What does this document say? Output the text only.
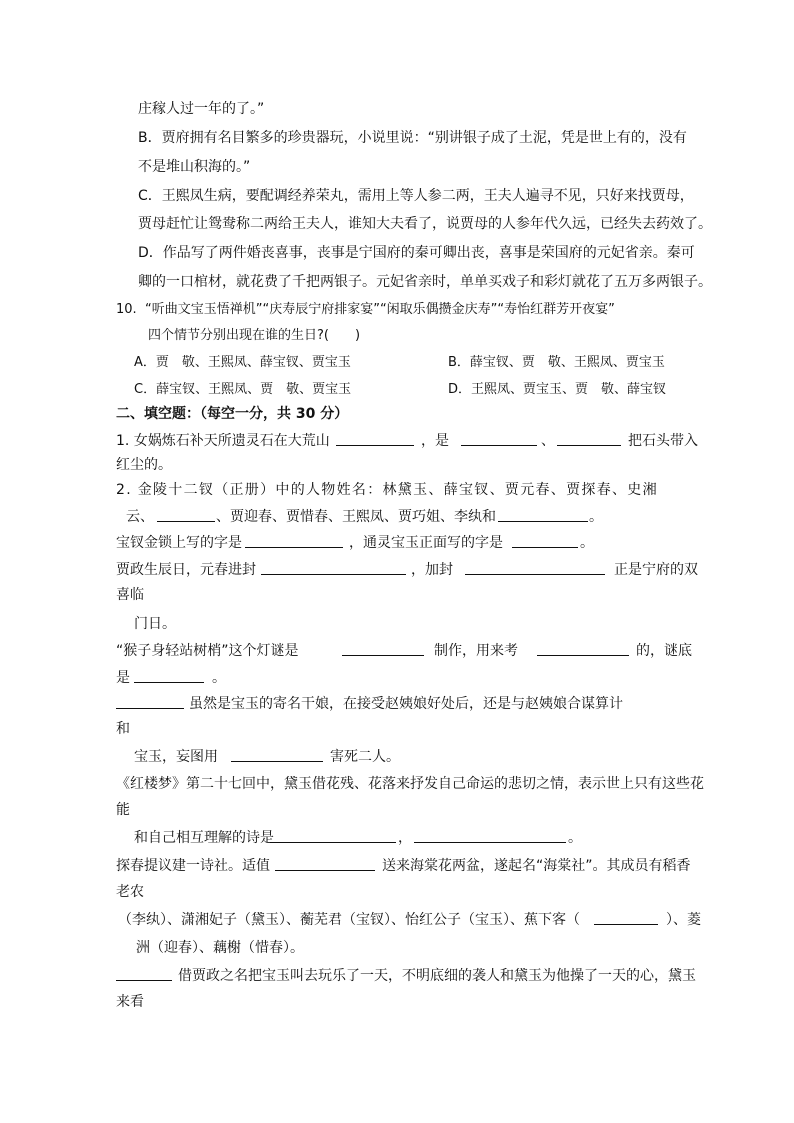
庄稼人过一年的了。”
B．贾府拥有名目繁多的珍贵器玩，小说里说：“别讲银子成了土泥，凭是世上有的，没有
不是堆山积海的。”
C．王熙凤生病，要配调经养荣丸，需用上等人参二两，王夫人遍寻不见，只好来找贾母，
贾母赶忙让鸳鸯称二两给王夫人，谁知大夫看了，说贾母的人参年代久远，已经失去药效了。
D．作品写了两件婚丧喜事，丧事是宁国府的秦可卿出丧，喜事是荣国府的元妃省亲。秦可
卿的一口棺材，就花费了千把两银子。元妃省亲时，单单买戏子和彩灯就花了五万多两银子。
10. “听曲文宝玉悟禅机”“庆寿辰宁府排家宴”“闲取乐偶攒金庆寿”“寿怡红群芳开夜宴”
四个情节分别出现在谁的生日?(　　)
A．贾　敬、王熙凤、薛宝钗、贾宝玉	B．薛宝钗、贾　敬、王熙凤、贾宝玉
C．薛宝钗、王熙凤、贾　敬、贾宝玉	D．王熙凤、贾宝玉、贾　敬、薛宝钗
二、填空题：（每空一分，共 30 分）
1. 女娲炼石补天所遗灵石在大荒山	，是	、	把石头带入
红尘的。
2. 金陵十二钗（正册）中的人物姓名：林黛玉、薛宝钗、贾元春、贾探春、史湘
云、	、贾迎春、贾惜春、王熙凤、贾巧姐、李纨和	。
宝钗金锁上写的字是	，通灵宝玉正面写的字是	。
贾政生辰日，元春进封	，加封	正是宁府的双
喜临
门日。
“猴子身轻站树梢”这个灯谜是	制作，用来考	的，谜底
是	。
虽然是宝玉的寄名干娘，在接受赵姨娘好处后，还是与赵姨娘合谋算计
和
宝玉，妄图用	害死二人。
《红楼梦》第二十七回中，黛玉借花残、花落来抒发自己命运的悲切之情，表示世上只有这些花
能
和自己相互理解的诗是	，	。
探春提议建一诗社。适值	送来海棠花两盆，遂起名“海棠社”。其成员有稻香
老农
（李纨）、潇湘妃子（黛玉）、蘅芜君（宝钗）、怡红公子（宝玉）、蕉下客（	）、菱
洲（迎春）、藕榭（惜春）。
借贾政之名把宝玉叫去玩乐了一天，不明底细的袭人和黛玉为他操了一天的心，黛玉
来看
